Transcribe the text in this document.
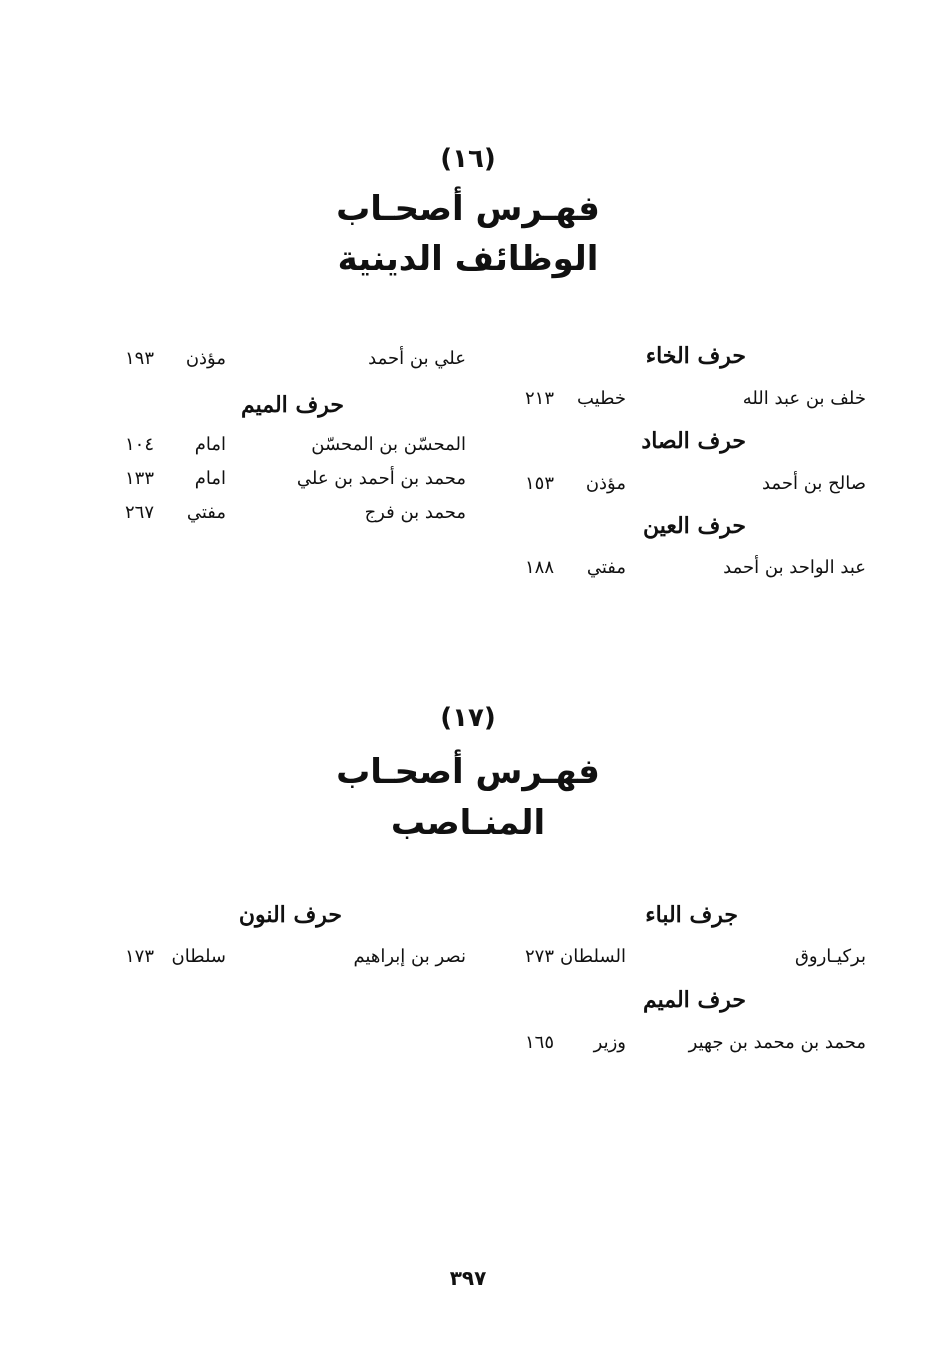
(١٦)
فهـرس أصحـاب
الوظائف الدينية
حرف الخاء
خلف بن عبد الله
خطيب
٢١٣
حرف الصاد
صالح بن أحمد
مؤذن
١٥٣
حرف العين
عبد الواحد بن أحمد
مفتي
١٨٨
علي بن أحمد
مؤذن
١٩٣
حرف الميم
المحسّن بن المحسّن
امام
١٠٤
محمد بن أحمد بن علي
امام
١٣٣
محمد بن فرج
مفتي
٢٦٧
(١٧)
فهـرس أصحـاب
المنـاصب
جرف الباء
بركيـاروق
السلطان
٢٧٣
حرف الميم
محمد بن محمد بن جهير
وزير
١٦٥
حرف النون
نصر بن إبراهيم
سلطان
١٧٣
٣٩٧
